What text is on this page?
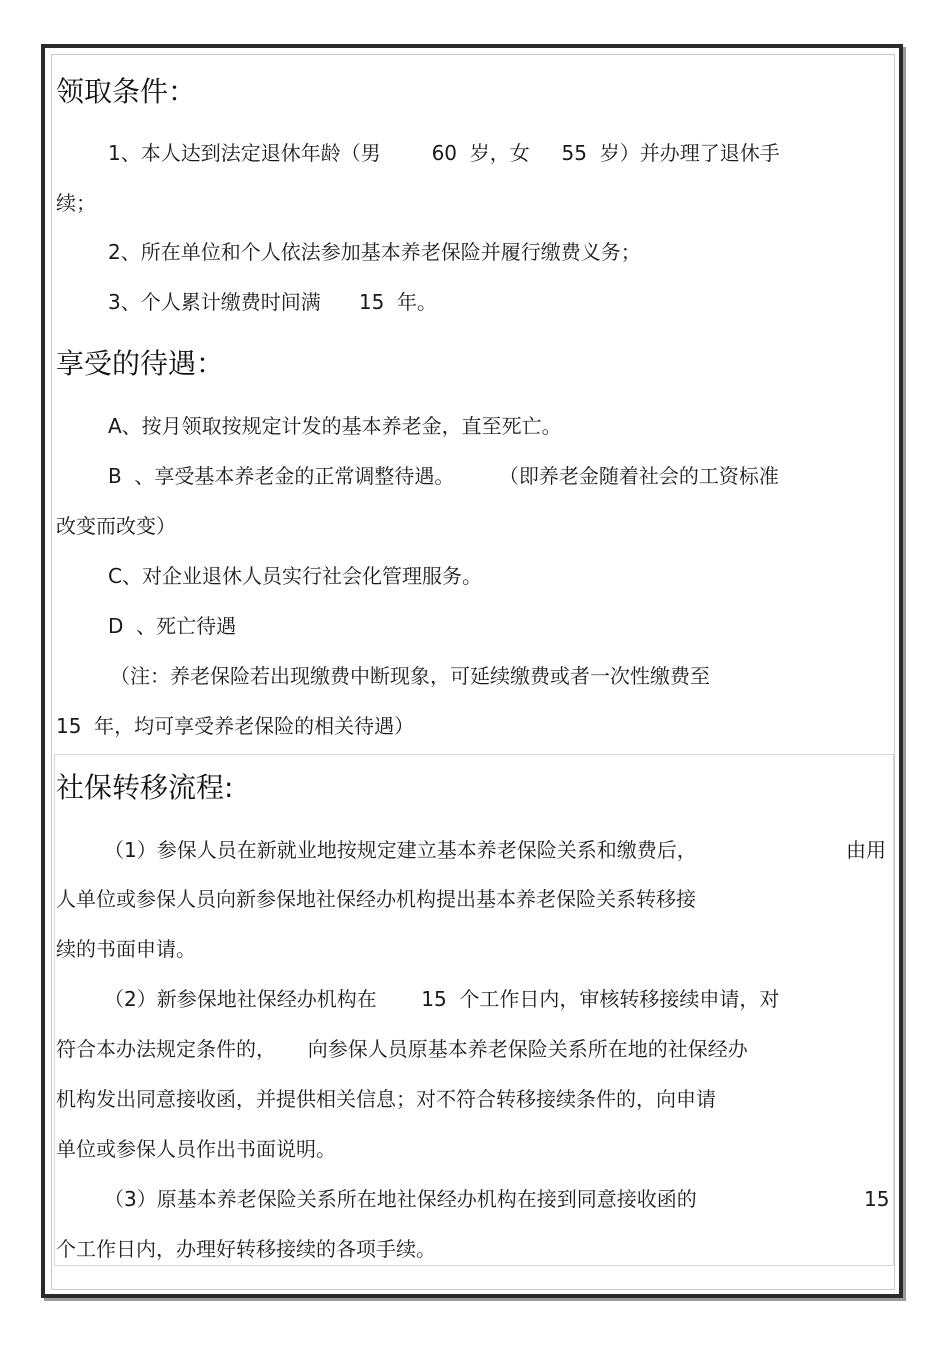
领取条件：
1、本人达到法定退休年龄（男        60  岁，女     55  岁）并办理了退休手
续；
2、所在单位和个人依法参加基本养老保险并履行缴费义务；
3、个人累计缴费时间满      15  年。
享受的待遇：
A、按月领取按规定计发的基本养老金，直至死亡。
B  、享受基本养老金的正常调整待遇。       （即养老金随着社会的工资标准
改变而改变）
C、对企业退休人员实行社会化管理服务。
D  、死亡待遇
（注：养老保险若出现缴费中断现象，可延续缴费或者一次性缴费至
15  年，均可享受养老保险的相关待遇）
社保转移流程:
（1）参保人员在新就业地按规定建立基本养老保险关系和缴费后，	由用
人单位或参保人员向新参保地社保经办机构提出基本养老保险关系转移接
续的书面申请。
（2）新参保地社保经办机构在       15  个工作日内，审核转移接续申请，对
符合本办法规定条件的，     向参保人员原基本养老保险关系所在地的社保经办
机构发出同意接收函，并提供相关信息；对不符合转移接续条件的，向申请
单位或参保人员作出书面说明。
（3）原基本养老保险关系所在地社保经办机构在接到同意接收函的	15
个工作日内，办理好转移接续的各项手续。
